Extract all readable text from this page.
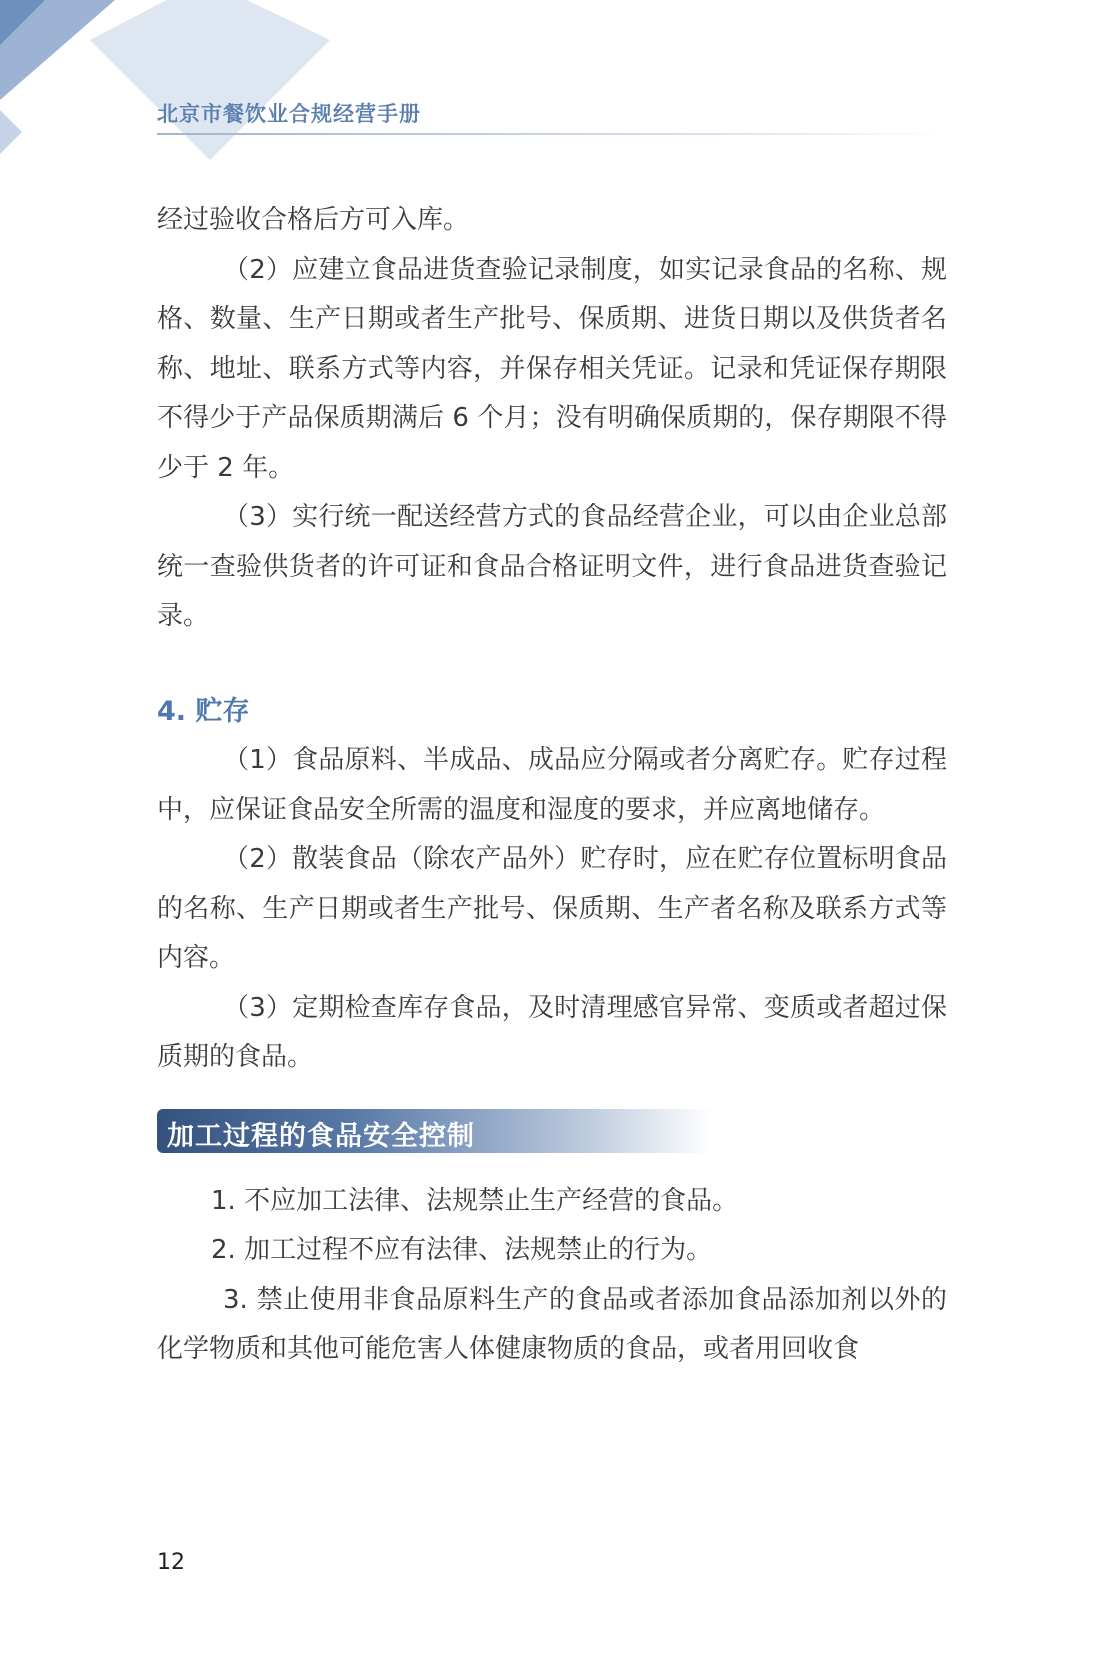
北京市餐饮业合规经营手册

经过验收合格后方可入库。

（2）应建立食品进货查验记录制度，如实记录食品的名称、规格、数量、生产日期或者生产批号、保质期、进货日期以及供货者名称、地址、联系方式等内容，并保存相关凭证。记录和凭证保存期限不得少于产品保质期满后 6 个月；没有明确保质期的，保存期限不得少于 2 年。

（3）实行统一配送经营方式的食品经营企业，可以由企业总部统一查验供货者的许可证和食品合格证明文件，进行食品进货查验记录。

4. 贮存

（1）食品原料、半成品、成品应分隔或者分离贮存。贮存过程中，应保证食品安全所需的温度和湿度的要求，并应离地储存。

（2）散装食品（除农产品外）贮存时，应在贮存位置标明食品的名称、生产日期或者生产批号、保质期、生产者名称及联系方式等内容。

（3）定期检查库存食品，及时清理感官异常、变质或者超过保质期的食品。

加工过程的食品安全控制

1. 不应加工法律、法规禁止生产经营的食品。

2. 加工过程不应有法律、法规禁止的行为。

3. 禁止使用非食品原料生产的食品或者添加食品添加剂以外的化学物质和其他可能危害人体健康物质的食品，或者用回收食

12
